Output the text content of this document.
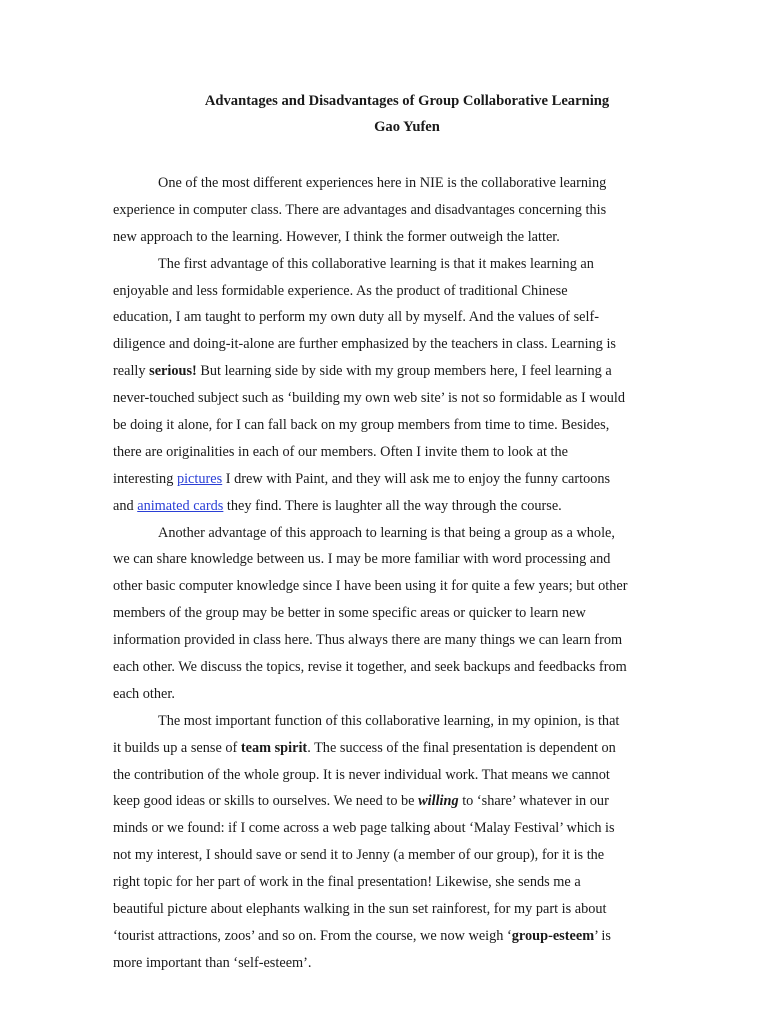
Advantages and Disadvantages of Group Collaborative Learning
Gao Yufen
One of the most different experiences here in NIE is the collaborative learning
experience in computer class. There are advantages and disadvantages concerning this
new approach to the learning. However, I think the former outweigh the latter.
The first advantage of this collaborative learning is that it makes learning an
enjoyable and less formidable experience. As the product of traditional Chinese
education, I am taught to perform my own duty all by myself. And the values of self-
diligence and doing-it-alone are further emphasized by the teachers in class. Learning is
really serious! But learning side by side with my group members here, I feel learning a
never-touched subject such as ‘building my own web site’ is not so formidable as I would
be doing it alone, for I can fall back on my group members from time to time. Besides,
there are originalities in each of our members. Often I invite them to look at the
interesting pictures I drew with Paint, and they will ask me to enjoy the funny cartoons
and animated cards they find. There is laughter all the way through the course.
Another advantage of this approach to learning is that being a group as a whole,
we can share knowledge between us. I may be more familiar with word processing and
other basic computer knowledge since I have been using it for quite a few years; but other
members of the group may be better in some specific areas or quicker to learn new
information provided in class here. Thus always there are many things we can learn from
each other. We discuss the topics, revise it together, and seek backups and feedbacks from
each other.
The most important function of this collaborative learning, in my opinion, is that
it builds up a sense of team spirit. The success of the final presentation is dependent on
the contribution of the whole group. It is never individual work. That means we cannot
keep good ideas or skills to ourselves. We need to be willing to ‘share’ whatever in our
minds or we found: if I come across a web page talking about ‘Malay Festival’ which is
not my interest, I should save or send it to Jenny (a member of our group), for it is the
right topic for her part of work in the final presentation! Likewise, she sends me a
beautiful picture about elephants walking in the sun set rainforest, for my part is about
‘tourist attractions, zoos’ and so on. From the course, we now weigh ‘group-esteem’ is
more important than ‘self-esteem’.
